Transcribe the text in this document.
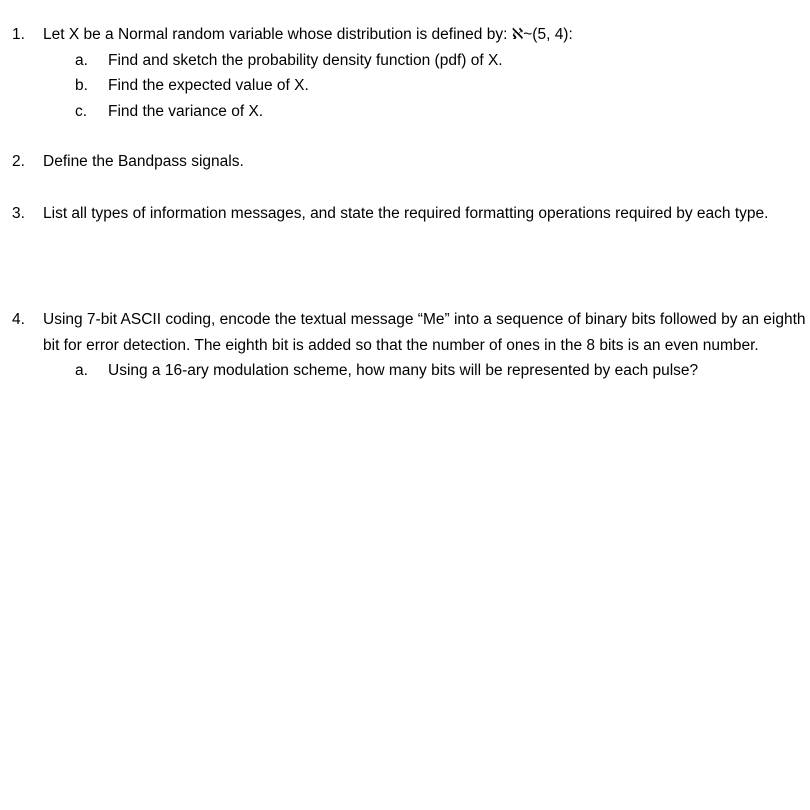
1.	Let X be a Normal random variable whose distribution is defined by: ℵ~(5, 4):
a.	Find and sketch the probability density function (pdf) of X.
b.	Find the expected value of X.
c.	Find the variance of X.
2.	Define the Bandpass signals.
3.	List all types of information messages, and state the required formatting operations required by each type.
4.	Using 7-bit ASCII coding, encode the textual message “Me” into a sequence of binary bits followed by an eighth bit for error detection. The eighth bit is added so that the number of ones in the 8 bits is an even number.
a.	Using a 16-ary modulation scheme, how many bits will be represented by each pulse?
